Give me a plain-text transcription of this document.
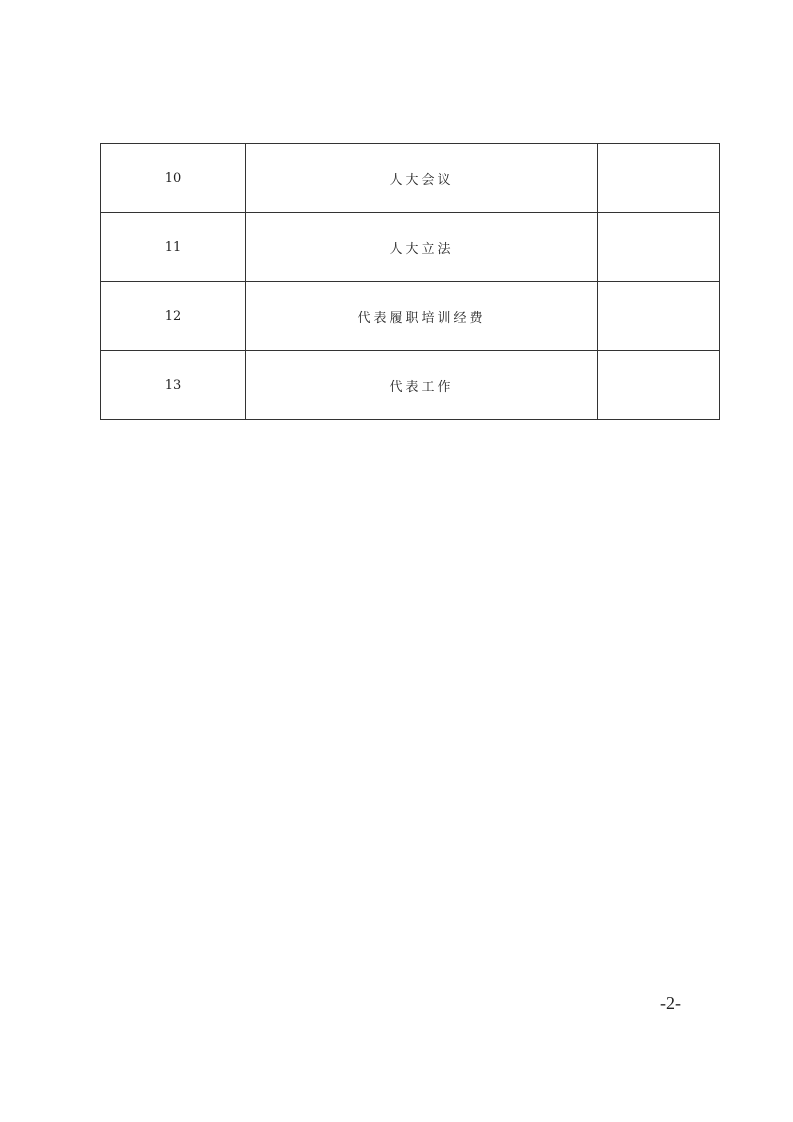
10	人大会议	
11	人大立法	
12	代表履职培训经费	
13	代表工作	
-2-
